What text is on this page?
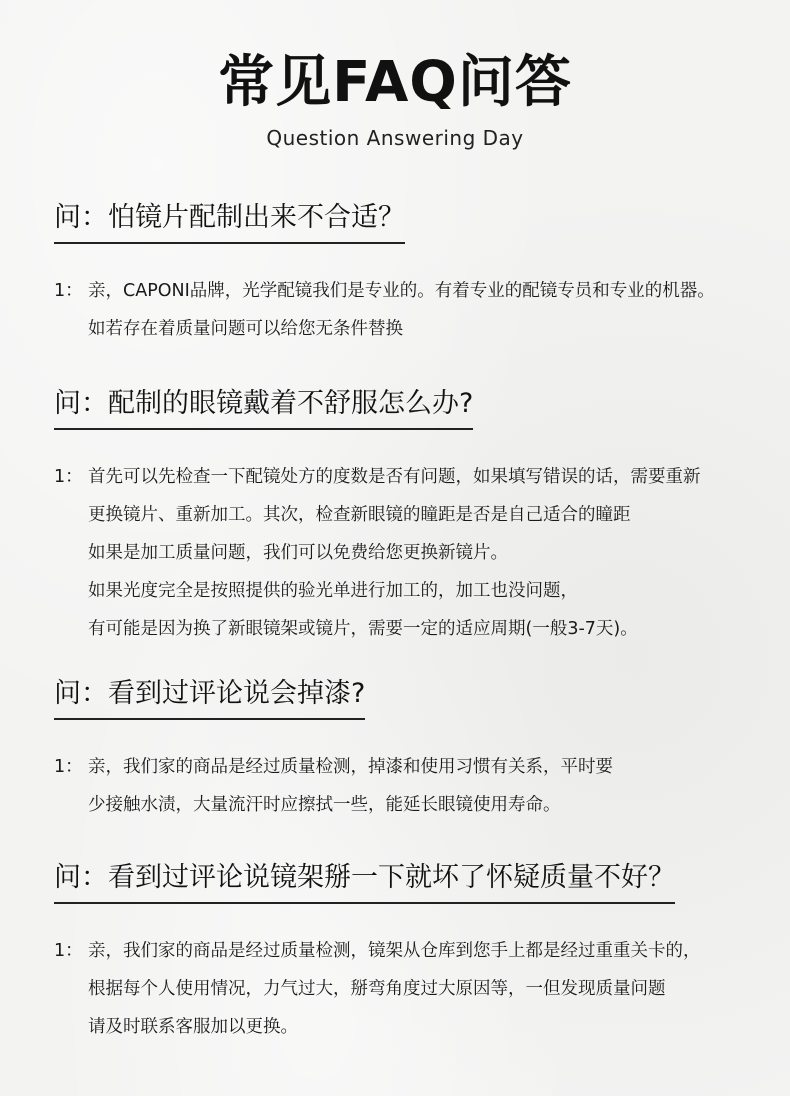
常见FAQ问答
Question Answering Day
问：怕镜片配制出来不合适？
1： 亲，CAPONI品牌，光学配镜我们是专业的。有着专业的配镜专员和专业的机器。
如若存在着质量问题可以给您无条件替换
问：配制的眼镜戴着不舒服怎么办?
1： 首先可以先检查一下配镜处方的度数是否有问题，如果填写错误的话，需要重新
更换镜片、重新加工。其次，检查新眼镜的瞳距是否是自己适合的瞳距
如果是加工质量问题，我们可以免费给您更换新镜片。
如果光度完全是按照提供的验光单进行加工的，加工也没问题，
有可能是因为换了新眼镜架或镜片，需要一定的适应周期(一般3-7天)。
问：看到过评论说会掉漆?
1： 亲，我们家的商品是经过质量检测，掉漆和使用习惯有关系，平时要
少接触水渍，大量流汗时应擦拭一些，能延长眼镜使用寿命。
问：看到过评论说镜架掰一下就坏了怀疑质量不好？
1： 亲，我们家的商品是经过质量检测，镜架从仓库到您手上都是经过重重关卡的，
根据每个人使用情况，力气过大，掰弯角度过大原因等，一但发现质量问题
请及时联系客服加以更换。
